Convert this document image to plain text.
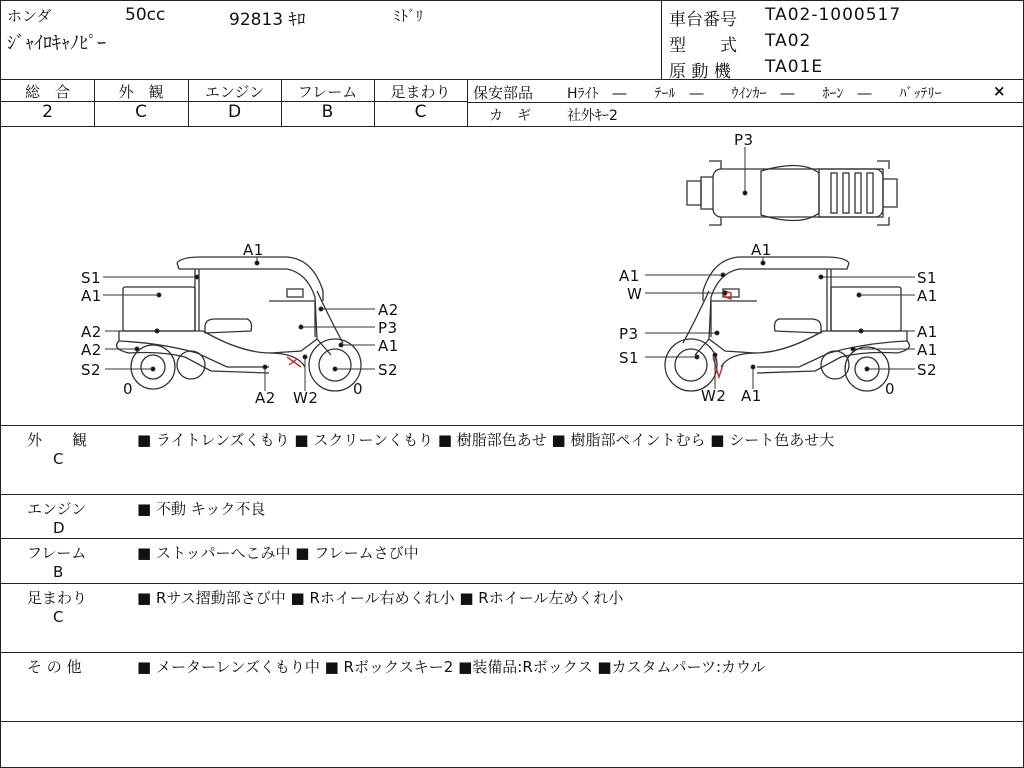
ホンダ	50cc	92813 ｷﾛ	ﾐﾄﾞﾘ
ｼﾞｬｲﾛｷｬﾉﾋﾟｰ
車台番号 TA02-1000517
型　　式 TA02
原 動 機 TA01E
総　合	外　観	エンジン	フレーム	足まわり
2	C	D	B	C
保安部品 Hﾗｲﾄ　―　　ﾃｰﾙ　―　　ｳｲﾝｶｰ　―　　ﾎｰﾝ　―　　ﾊﾞｯﾃﾘｰ	×
カ　ギ	社外ｷｰ2
A1
S1
A1
A2
A2
S2
0	A2 W2 0
A2
P3
A1
S2
P3
A1
A1
W
P3
S1
W2 A1	0
S1
A1
A1
A1
S2
外　　観
C
■ ライトレンズくもり ■ スクリーンくもり ■ 樹脂部色あせ ■ 樹脂部ペイントむら ■ シート色あせ大
エンジン
D
■ 不動 キック不良
フレーム
B
■ ストッパーへこみ中 ■ フレームさび中
足まわり
C
■ Rサス摺動部さび中 ■ Rホイール右めくれ小 ■ Rホイール左めくれ小
そ の 他	■ メーターレンズくもり中 ■ Rボックスキー2 ■装備品:Rボックス ■カスタムパーツ:カウル
